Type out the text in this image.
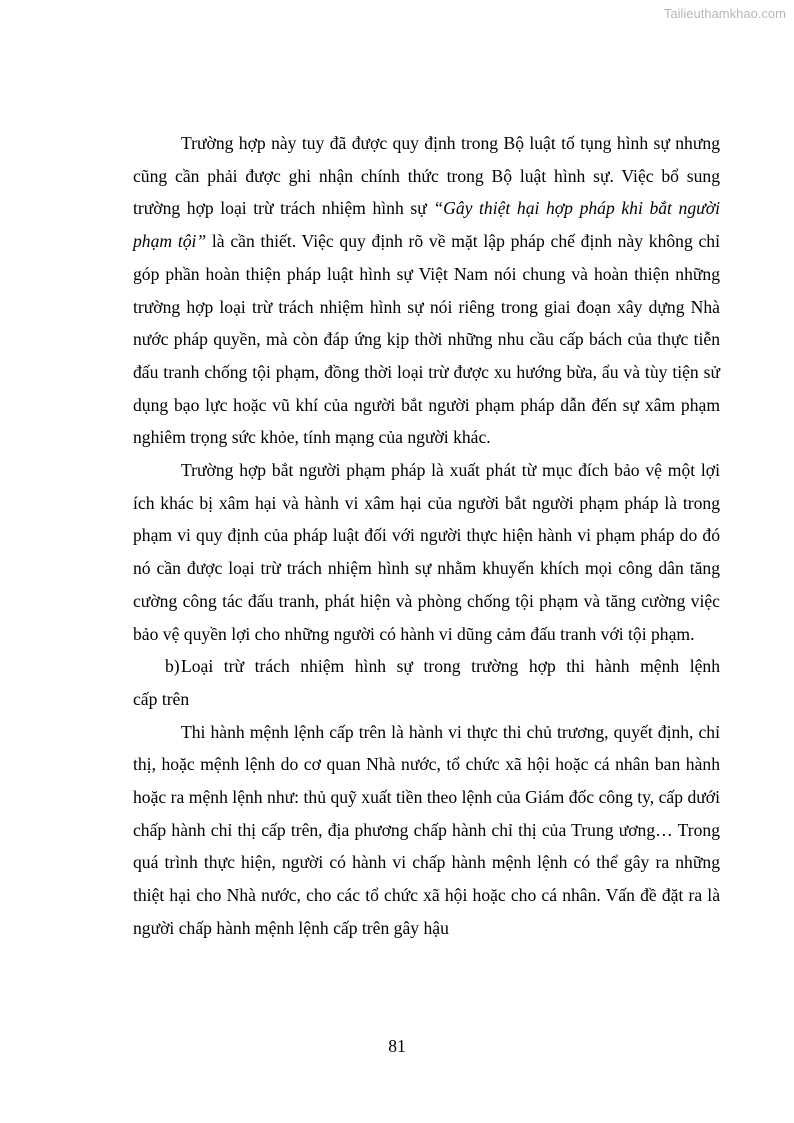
Tailieuthamkhao.com

Trường hợp này tuy đã được quy định trong Bộ luật tố tụng hình sự nhưng cũng cần phải được ghi nhận chính thức trong Bộ luật hình sự. Việc bổ sung trường hợp loại trừ trách nhiệm hình sự “Gây thiệt hại hợp pháp khi bắt người phạm tội” là cần thiết. Việc quy định rõ về mặt lập pháp chế định này không chỉ góp phần hoàn thiện pháp luật hình sự Việt Nam nói chung và hoàn thiện những trường hợp loại trừ trách nhiệm hình sự nói riêng trong giai đoạn xây dựng Nhà nước pháp quyền, mà còn đáp ứng kịp thời những nhu cầu cấp bách của thực tiễn đấu tranh chống tội phạm, đồng thời loại trừ được xu hướng bừa, ẩu và tùy tiện sử dụng bạo lực hoặc vũ khí của người bắt người phạm pháp dẫn đến sự xâm phạm nghiêm trọng sức khỏe, tính mạng của người khác.

Trường hợp bắt người phạm pháp là xuất phát từ mục đích bảo vệ một lợi ích khác bị xâm hại và hành vi xâm hại của người bắt người phạm pháp là trong phạm vi quy định của pháp luật đối với người thực hiện hành vi phạm pháp do đó nó cần được loại trừ trách nhiệm hình sự nhằm khuyến khích mọi công dân tăng cường công tác đấu tranh, phát hiện và phòng chống tội phạm và tăng cường việc bảo vệ quyền lợi cho những người có hành vi dũng cảm đấu tranh với tội phạm.

b) Loại trừ trách nhiệm hình sự trong trường hợp thi hành mệnh lệnh

cấp trên

Thi hành mệnh lệnh cấp trên là hành vi thực thi chủ trương, quyết định, chỉ thị, hoặc mệnh lệnh do cơ quan Nhà nước, tổ chức xã hội hoặc cá nhân ban hành hoặc ra mệnh lệnh như: thủ quỹ xuất tiền theo lệnh của Giám đốc công ty, cấp dưới chấp hành chỉ thị cấp trên, địa phương chấp hành chỉ thị của Trung ương… Trong quá trình thực hiện, người có hành vi chấp hành mệnh lệnh có thể gây ra những thiệt hại cho Nhà nước, cho các tổ chức xã hội hoặc cho cá nhân. Vấn đề đặt ra là người chấp hành mệnh lệnh cấp trên gây hậu

81
